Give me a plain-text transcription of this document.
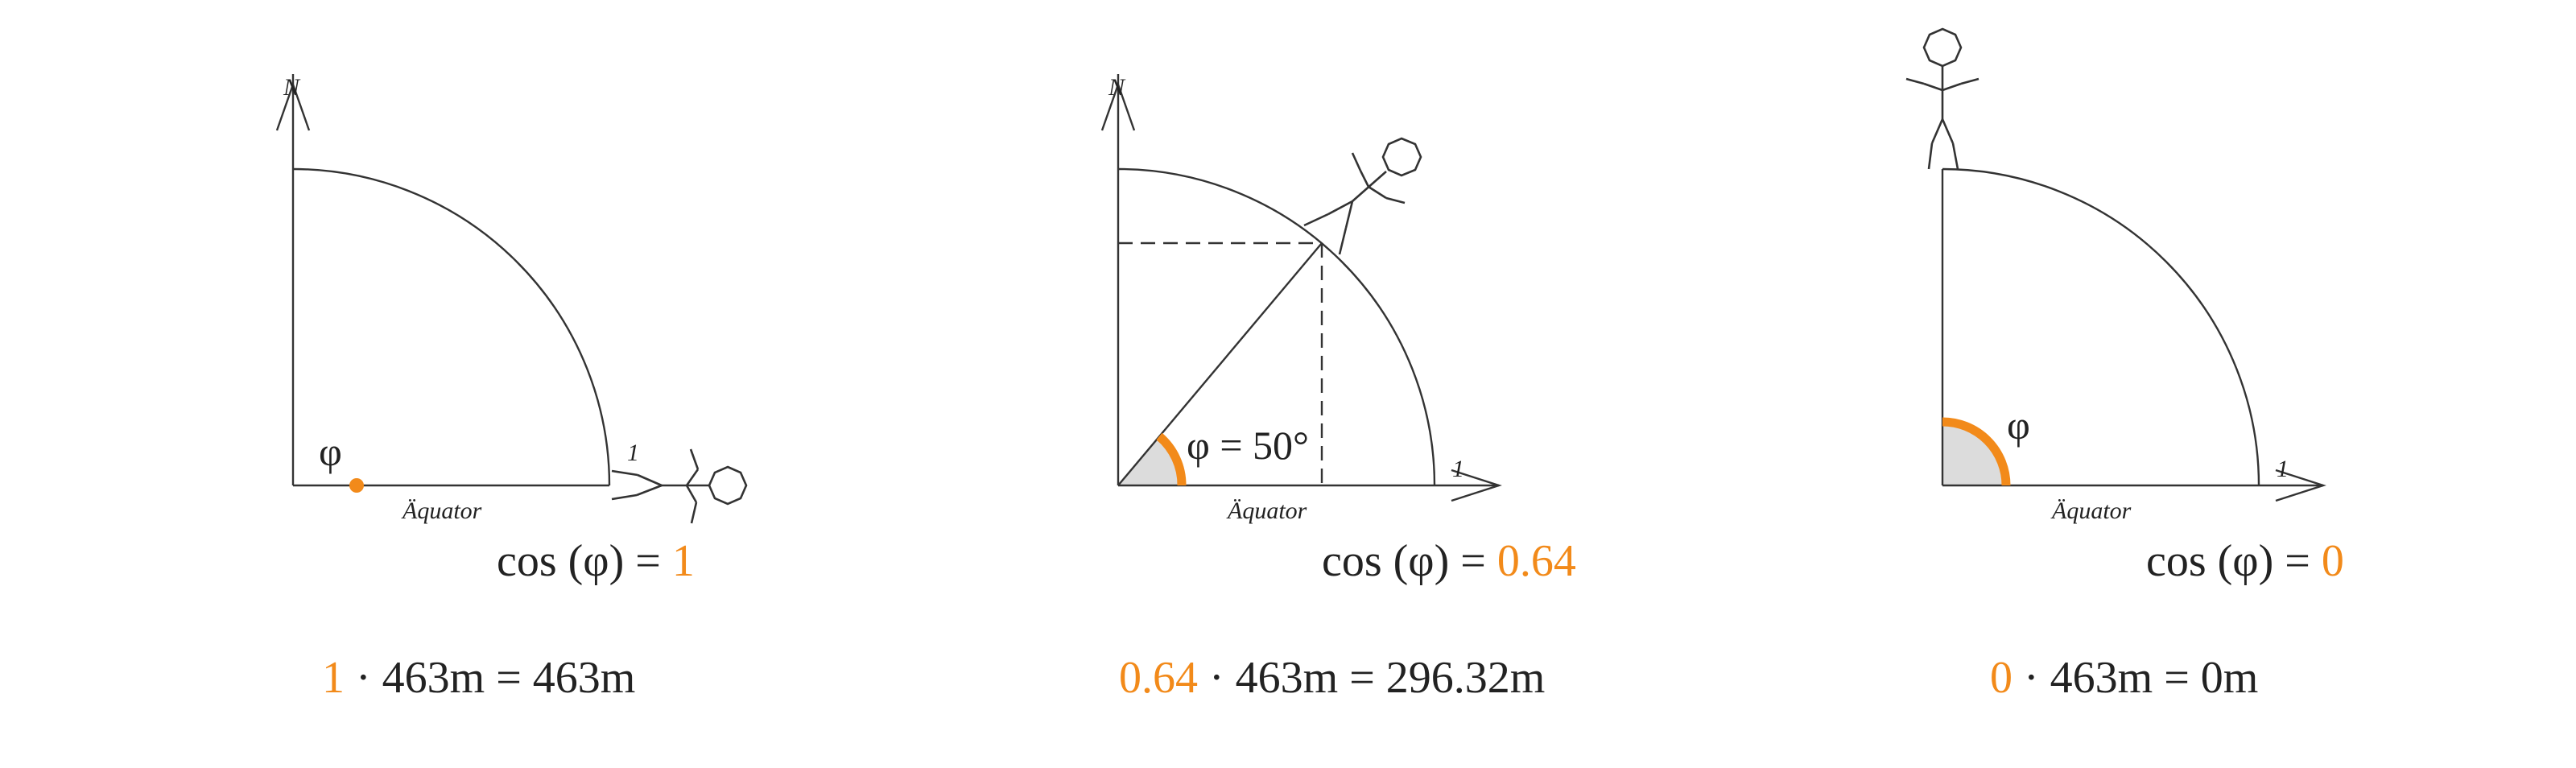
N
1
Äquator
φ
cos (φ) = 1
1 · 463m = 463m
N
1
Äquator
φ = 50°
cos (φ) = 0.64
0.64 · 463m = 296.32m
1
Äquator
φ
cos (φ) = 0
0 · 463m = 0m
